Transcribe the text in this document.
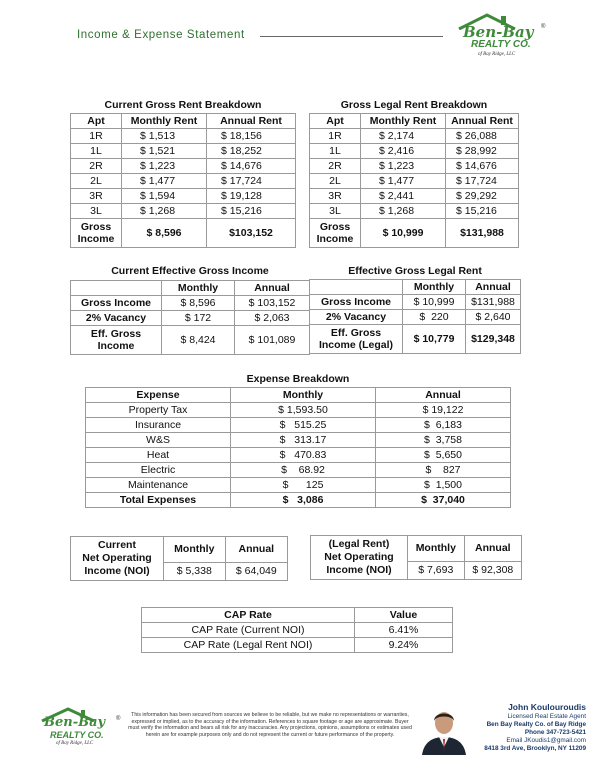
Income & Expense Statement	Ben-Bay ®
REALTY CO.
of Bay Ridge, LLC
Current Gross Rent Breakdown
Apt	Monthly Rent	Annual Rent
1R	$ 1,513	$ 18,156
1L	$ 1,521	$ 18,252
2R	$ 1,223	$ 14,676
2L	$ 1,477	$ 17,724
3R	$ 1,594	$ 19,128
3L	$ 1,268	$ 15,216
Gross
Income	$ 8,596	$103,152
Gross Legal Rent Breakdown
Apt	Monthly Rent	Annual Rent
1R	$ 2,174	$ 26,088
1L	$ 2,416	$ 28,992
2R	$ 1,223	$ 14,676
2L	$ 1,477	$ 17,724
3R	$ 2,441	$ 29,292
3L	$ 1,268	$ 15,216
Gross
Income	$ 10,999	$131,988
Current Effective Gross Income
	Monthly	Annual
Gross Income	$ 8,596	$ 103,152
2% Vacancy	$ 172	$ 2,063
Eff. Gross
Income	$ 8,424	$ 101,089
Effective Gross Legal Rent
	Monthly	Annual
Gross Income	$ 10,999	$131,988
2% Vacancy	$  220	$ 2,640
Eff. Gross
Income (Legal)	$ 10,779	$129,348
Expense Breakdown
Expense	Monthly	Annual
Property Tax	$ 1,593.50	$ 19,122
Insurance	$   515.25	$  6,183
W&S	$   313.17	$  3,758
Heat	$   470.83	$  5,650
Electric	$    68.92	$    827
Maintenance	$      125	$  1,500
Total Expenses	$   3,086	$  37,040
Current
Net Operating
Income (NOI)	Monthly	Annual
	$ 5,338	$ 64,049
(Legal Rent)
Net Operating
Income (NOI)	Monthly	Annual
	$ 7,693	$ 92,308
CAP Rate	Value
CAP Rate (Current NOI)	6.41%
CAP Rate (Legal Rent NOI)	9.24%
Ben-Bay ®
REALTY CO.
of Bay Ridge, LLC
This information has been secured from sources we believe to be reliable, but we make no representations or warranties, expressed or implied, as to the accuracy of the information. References to square footage or age are approximate. Buyer must verify the information and bears all risk for any inaccuracies. Any projections, opinions, assumptions or estimates used herein are for example purposes only and do not represent the current or future performance of the property.
John Koulouroudis
Licensed Real Estate Agent
Ben Bay Realty Co. of Bay Ridge
Phone 347-723-5421
Email JKoudis1@gmail.com
8418 3rd Ave, Brooklyn, NY 11209
